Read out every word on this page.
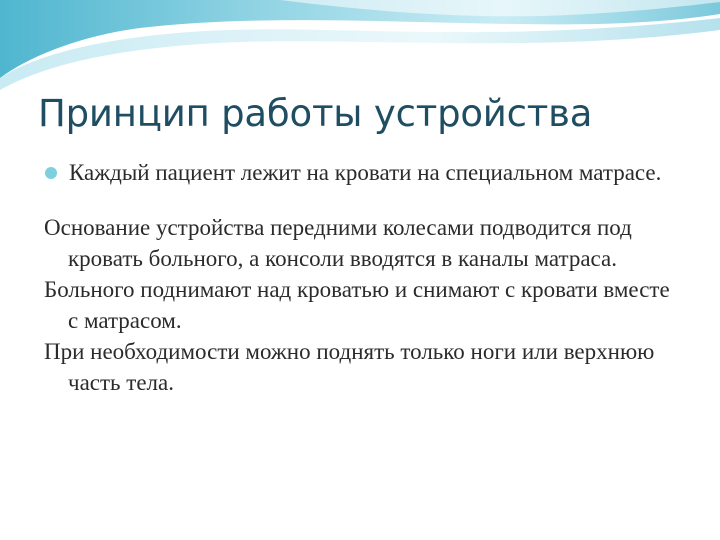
Принцип работы устройства
Каждый пациент лежит на кровати на специальном матрасе.
Основание устройства передними колесами подводится под кровать больного, а консоли вводятся в каналы матраса.
Больного поднимают над кроватью и снимают с кровати вместе с матрасом.
При необходимости можно поднять только ноги или верхнюю часть тела.
